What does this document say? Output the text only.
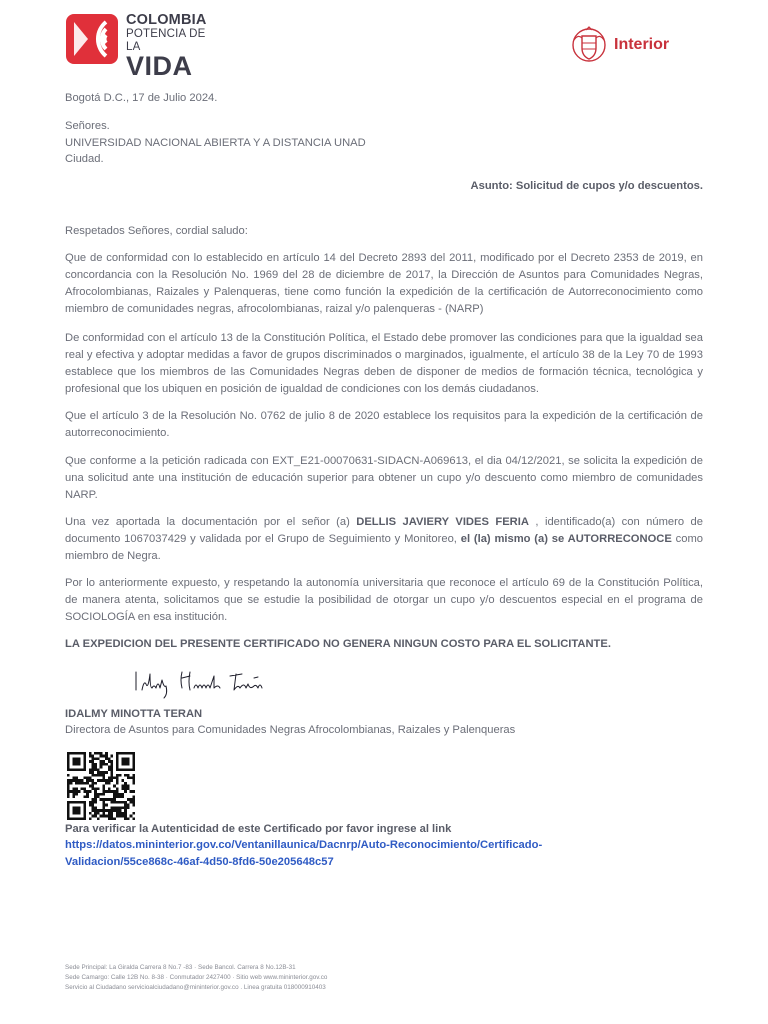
COLOMBIA
POTENCIA DE LA
VIDA
Interior
Bogotá D.C., 17 de Julio 2024.
Señores.
UNIVERSIDAD NACIONAL ABIERTA Y A DISTANCIA UNAD
Ciudad.
Asunto: Solicitud de cupos y/o descuentos.
Respetados Señores, cordial saludo:
Que de conformidad con lo establecido en artículo 14 del Decreto 2893 del 2011, modificado por el Decreto 2353 de 2019, en concordancia con la Resolución No. 1969 del 28 de diciembre de 2017, la Dirección de Asuntos para Comunidades Negras, Afrocolombianas, Raizales y Palenqueras, tiene como función la expedición de la certificación de Autorreconocimiento como miembro de comunidades negras, afrocolombianas, raizal y/o palenqueras - (NARP)
De conformidad con el artículo 13 de la Constitución Política, el Estado debe promover las condiciones para que la igualdad sea real y efectiva y adoptar medidas a favor de grupos discriminados o marginados, igualmente, el artículo 38 de la Ley 70 de 1993 establece que los miembros de las Comunidades Negras deben de disponer de medios de formación técnica, tecnológica y profesional que los ubiquen en posición de igualdad de condiciones con los demás ciudadanos.
Que el artículo 3 de la Resolución No. 0762 de julio 8 de 2020 establece los requisitos para la expedición de la certificación de autorreconocimiento.
Que conforme a la petición radicada con EXT_E21-00070631-SIDACN-A069613, el dia 04/12/2021, se solicita la expedición de una solicitud ante una institución de educación superior para obtener un cupo y/o descuento como miembro de comunidades NARP.
Una vez aportada la documentación por el señor (a) DELLIS JAVIERY VIDES FERIA , identificado(a) con número de documento 1067037429 y validada por el Grupo de Seguimiento y Monitoreo, el (la) mismo (a) se AUTORRECONOCE como miembro de Negra.
Por lo anteriormente expuesto, y respetando la autonomía universitaria que reconoce el artículo 69 de la Constitución Política, de manera atenta, solicitamos que se estudie la posibilidad de otorgar un cupo y/o descuentos especial en el programa de SOCIOLOGÍA en esa institución.
LA EXPEDICION DEL PRESENTE CERTIFICADO NO GENERA NINGUN COSTO PARA EL SOLICITANTE.
IDALMY MINOTTA TERAN
Directora de Asuntos para Comunidades Negras Afrocolombianas, Raizales y Palenqueras
Para verificar la Autenticidad de este Certificado por favor ingrese al link
https://datos.mininterior.gov.co/Ventanillaunica/Dacnrp/Auto-Reconocimiento/Certificado-
Validacion/55ce868c-46af-4d50-8fd6-50e205648c57
Sede Principal: La Giralda Carrera 8 No.7 -83 · Sede Bancol. Carrera 8 No.12B-31
Sede Camargo: Calle 12B No. 8-38 · Conmutador 2427400 · Sitio web www.mininterior.gov.co
Servicio al Ciudadano servicioalciudadano@mininterior.gov.co . Linea gratuita 018000910403
